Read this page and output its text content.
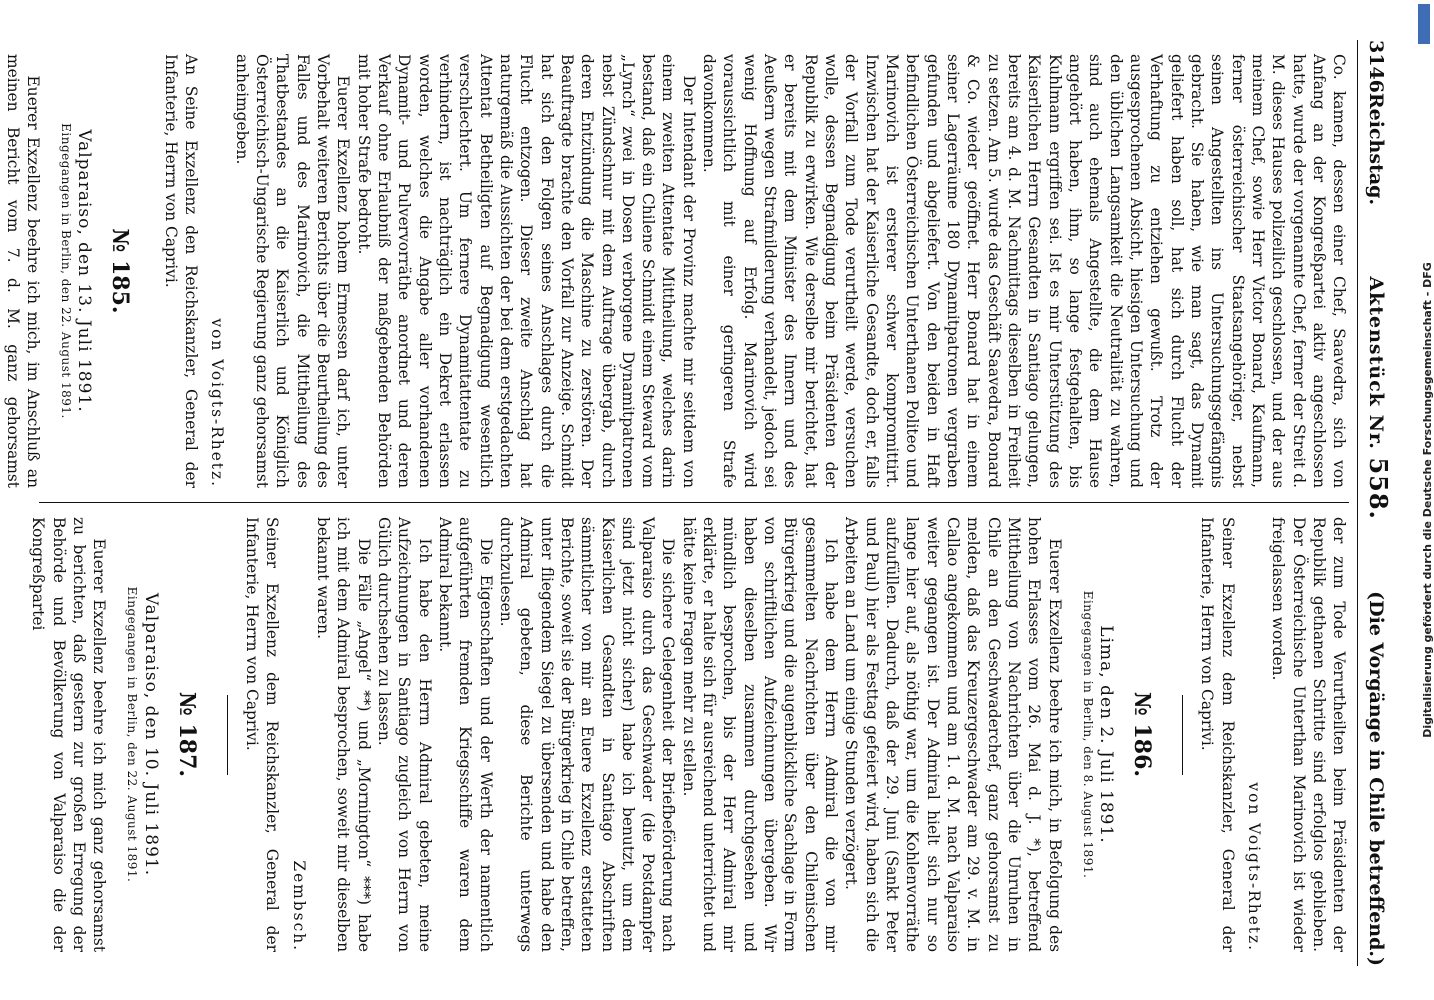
3146
Reichstag.
Aktenstück Nr. 558.
(Die Vorgänge in Chile betreffend.)

Co. kamen, dessen einer Chef, Saavedra, sich von Anfang an der Kongreßpartei aktiv angeschlossen hatte, wurde der vorgenannte Chef, ferner der Streit d. M. dieses Hauses polizeilich geschlossen, und der aus meinem Chef, sowie Herr Victor Bonard, Kaufmann, ferner österreichischer Staatsangehöriger, nebst seinen Angestellten ins Untersuchungsgefängnis gebracht. Sie haben, wie man sagt, das Dynamit geliefert haben soll, hat sich durch Flucht der Verhaftung zu entziehen gewußt. Trotz der ausgesprochenen Absicht, hiesigen Untersuchung und den üblichen Langsamkeit die Neutralität zu wahren, sind auch ehemals Angestellte, die dem Hause angehört haben, ihm, so lange festgehalten, bis Kuhlmann ergriffen sei. Ist es mir Unterstützung des Kaiserlichen Herrn Gesandten in Santiago gelungen, bereits am 4. d. M. Nachmittags dieselben in Freiheit zu setzen. Am 5. wurde das Geschäft Saavedra, Bonard & Co. wieder geöffnet. Herr Bonard hat in einem seiner Lagerräume 180 Dynamitpatronen vergraben gefunden und abgeliefert. Von den beiden in Haft befindlichen Österreichischen Unterthanen Politeo und Marinovich ist ersterer schwer kompromittirt. Inzwischen hat der Kaiserliche Gesandte, doch er, falls der Vorfall zum Tode verurtheilt werde, versuchen wolle, dessen Begnadigung beim Präsidenten der Republik zu erwirken. Wie derselbe mir berichtet, hat er bereits mit dem Minister des Innern und des Aeußern wegen Strafmilderung verhandelt, jedoch sei wenig Hoffnung auf Erfolg. Marinovich wird voraussichtlich mit einer geringeren Strafe davonkommen.

Der Intendant der Provinz machte mir seitdem von einem zweiten Attentate Mittheilung, welches darin bestand, daß ein Chilene Schmidt einem Steward vom „Lynch“ zwei in Dosen verborgene Dynamitpatronen nebst Zündschnur mit dem Auftrage übergab, durch deren Entzündung die Maschine zu zerstören. Der Beauftragte brachte den Vorfall zur Anzeige. Schmidt hat sich den Folgen seines Anschlages durch die Flucht entzogen. Dieser zweite Anschlag hat naturgemäß die Aussichten der bei dem erstgedachten Attentat Betheiligten auf Begnadigung wesentlich verschlechtert. Um fernere Dynamitattentate zu verhindern, ist nachträglich ein Dekret erlassen worden, welches die Angabe aller vorhandenen Dynamit- und Pulvervorräthe anordnet und deren Verkauf ohne Erlaubniß der maßgebenden Behörden mit hoher Strafe bedroht.

Euerer Exzellenz hohem Ermessen darf ich, unter Vorbehalt weiteren Berichts über die Beurtheilung des Falles und des Marinovich, die Mittheilung des Thatbestandes an die Kaiserlich und Königlich Österreichisch-Ungarische Regierung ganz gehorsamst anheimgeben.

von Voigts-Rhetz.

An Seine Exzellenz den Reichskanzler, General der Infanterie, Herrn von Caprivi.

№ 185.
Valparaiso, den 13. Juli 1891.
Eingegangen in Berlin, den 22. August 1891.

Euerer Exzellenz beehre ich mich, im Anschluß an meinen Bericht vom 7. d. M. ganz gehorsamst

der zum Tode Verurtheilten beim Präsidenten der Republik gethanen Schritte sind erfolglos geblieben. Der Österreichische Unterthan Marinovich ist wieder freigelassen worden.

von Voigts-Rhetz.

Seiner Exzellenz dem Reichskanzler, General der Infanterie, Herrn von Caprivi.

№ 186.
Lima, den 2. Juli 1891.
Eingegangen in Berlin, den 8. August 1891.

Euerer Exzellenz beehre ich mich, in Befolgung des hohen Erlasses vom 26. Mai d. J. *), betreffend Mittheilung von Nachrichten über die Unruhen in Chile an den Geschwaderchef, ganz gehorsamst zu melden, daß das Kreuzergeschwader am 29. v. M. in Callao angekommen und am 1. d. M. nach Valparaiso weiter gegangen ist. Der Admiral hielt sich nur so lange hier auf, als nöthig war, um die Kohlenvorräthe aufzufüllen. Dadurch, daß der 29. Juni (Sankt Peter und Paul) hier als Festtag gefeiert wird, haben sich die Arbeiten an Land um einige Stunden verzögert.

Ich habe dem Herrn Admiral die von mir gesammelten Nachrichten über den Chilenischen Bürgerkrieg und die augenblickliche Sachlage in Form von schriftlichen Aufzeichnungen übergeben. Wir haben dieselben zusammen durchgesehen und mündlich besprochen, bis der Herr Admiral mir erklärte, er halte sich für ausreichend unterrichtet und hätte keine Fragen mehr zu stellen.

Die sichere Gelegenheit der Briefbeförderung nach Valparaiso durch das Geschwader (die Postdampfer sind jetzt nicht sicher) habe ich benutzt, um dem Kaiserlichen Gesandten in Santiago Abschriften sämmtlicher von mir an Euere Exzellenz erstatteten Berichte, soweit sie der Bürgerkrieg in Chile betreffen, unter fliegendem Siegel zu übersenden und habe den Admiral gebeten, diese Berichte unterwegs durchzulesen.

Die Eigenschaften und der Werth der namentlich aufgeführten fremden Kriegsschiffe waren dem Admiral bekannt.

Ich habe den Herrn Admiral gebeten, meine Aufzeichnungen in Santiago zugleich von Herrn von Gülich durchsehen zu lassen.

Die Fälle „Angel“ **) und „Mornington“ ***) habe ich mit dem Admiral besprochen, soweit mir dieselben bekannt waren.

Zembsch.

Seiner Exzellenz dem Reichskanzler, General der Infanterie, Herrn von Caprivi.

№ 187.
Valparaiso, den 10. Juli 1891.
Eingegangen in Berlin, den 22. August 1891.

Euerer Exzellenz beehre ich mich ganz gehorsamst zu berichten, daß gestern zur großen Erregung der Behörde und Bevölkerung von Valparaiso die der Kongreßpartei	Digitalisierung gefördert durch die Deutsche Forschungsgemeinschaft - DFG
